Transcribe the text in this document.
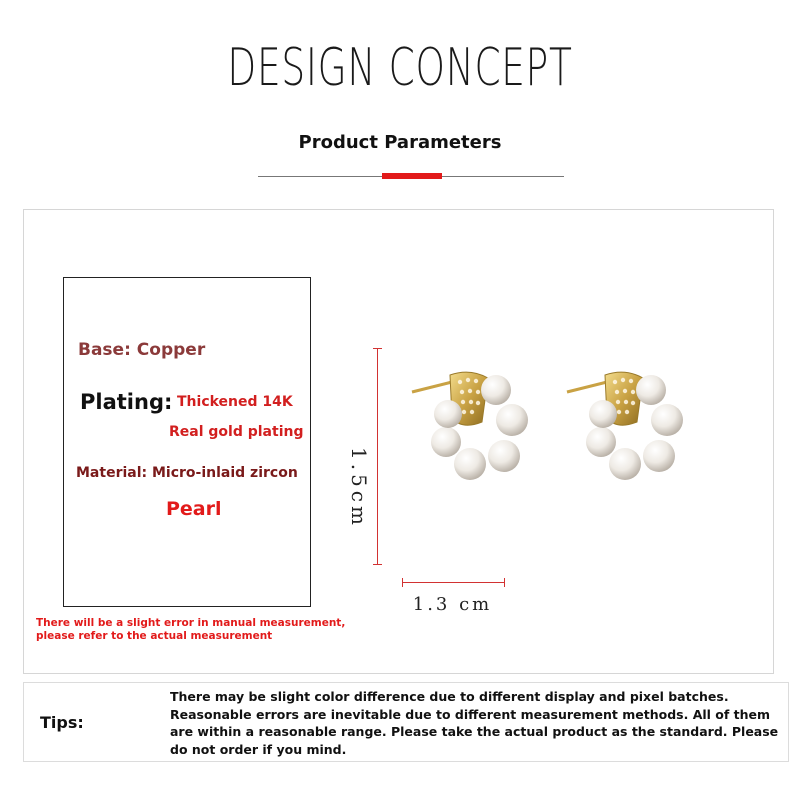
DESIGN CONCEPT
Product Parameters
Base: Copper
Plating: Thickened 14K
Real gold plating
Material: Micro-inlaid zircon
Pearl
There will be a slight error in manual measurement,
please refer to the actual measurement
1.3 cm
Tips:
There may be slight color difference due to different display and pixel batches. Reasonable errors are inevitable due to different measurement methods. All of them are within a reasonable range. Please take the actual product as the standard. Please do not order if you mind.
